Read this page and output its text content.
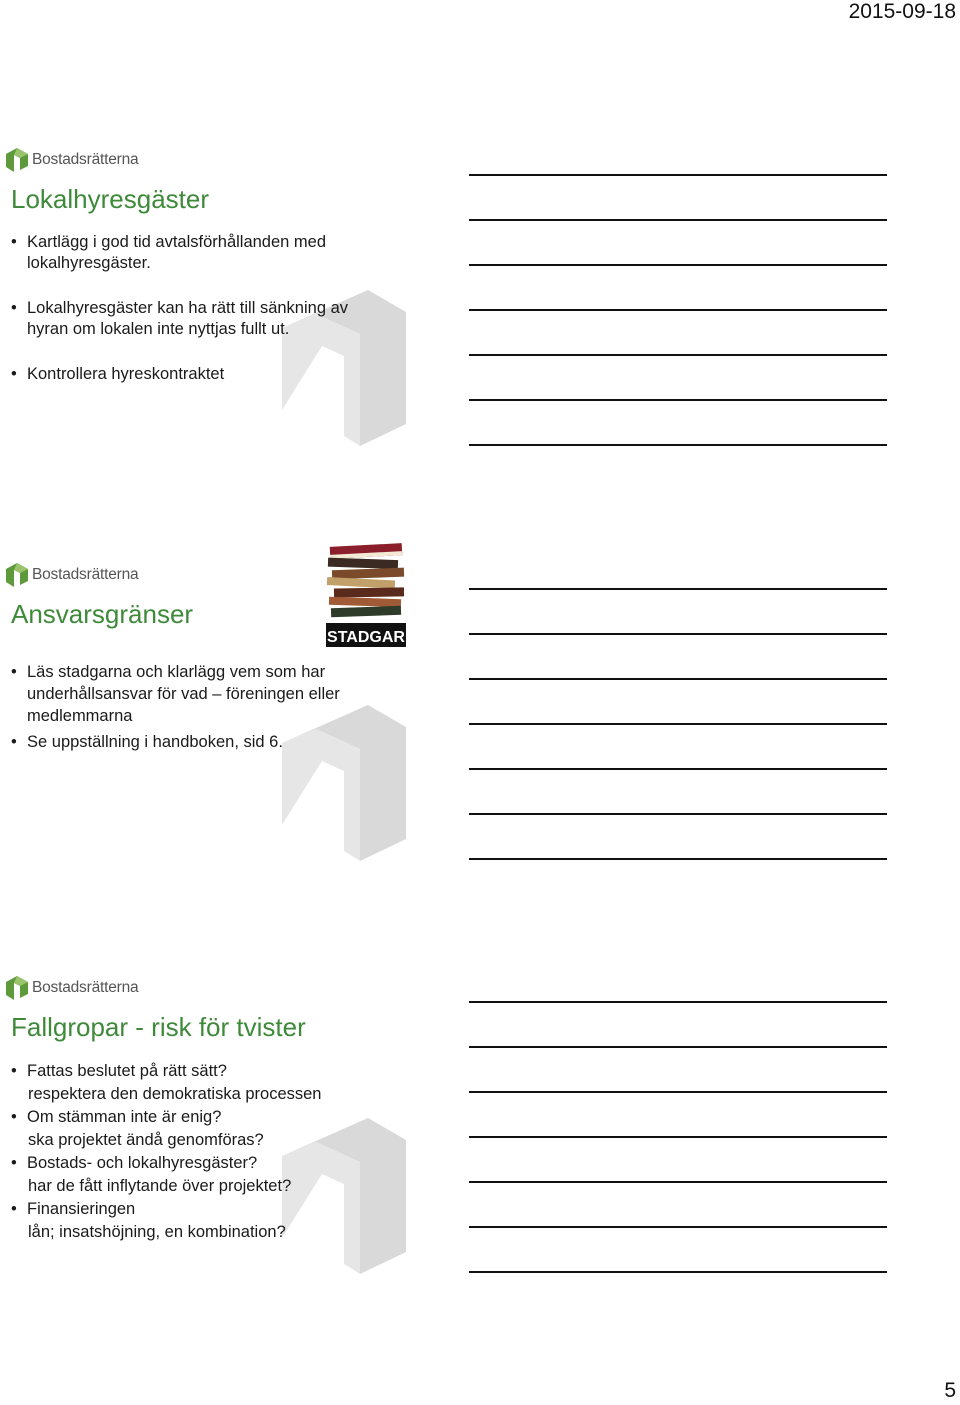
2015-09-18
Bostadsrätterna
Lokalhyresgäster
• Kartlägg i god tid avtalsförhållanden med lokalhyresgäster.
• Lokalhyresgäster kan ha rätt till sänkning av hyran om lokalen inte nyttjas fullt ut.
• Kontrollera hyreskontraktet
Bostadsrätterna
Ansvarsgränser
STADGAR
• Läs stadgarna och klarlägg vem som har underhållsansvar för vad – föreningen eller medlemmarna
• Se uppställning i handboken, sid 6.
Bostadsrätterna
Fallgropar - risk för tvister
• Fattas beslutet på rätt sätt?
respektera den demokratiska processen
• Om stämman inte är enig?
ska projektet ändå genomföras?
• Bostads- och lokalhyresgäster?
har de fått inflytande över projektet?
• Finansieringen
lån; insatshöjning, en kombination?
5
